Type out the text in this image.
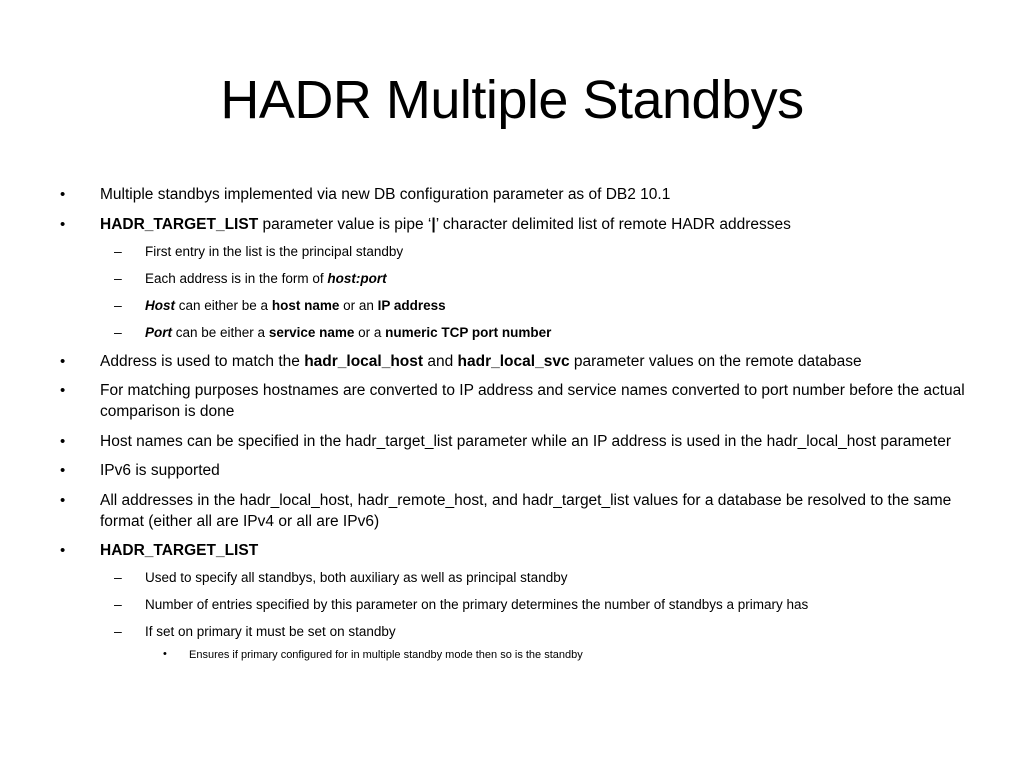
HADR Multiple Standbys
• Multiple standbys implemented via new DB configuration parameter as of DB2 10.1
• HADR_TARGET_LIST parameter value is pipe ‘|’ character delimited list of remote HADR addresses
– First entry in the list is the principal standby
– Each address is in the form of host:port
– Host can either be a host name or an IP address
– Port can be either a service name or a numeric TCP port number
• Address is used to match the hadr_local_host and hadr_local_svc parameter values on the remote database
• For matching purposes hostnames are converted to IP address and service names converted to port number before the actual comparison is done
• Host names can be specified in the hadr_target_list parameter while an IP address is used in the hadr_local_host parameter
• IPv6 is supported
• All addresses in the hadr_local_host, hadr_remote_host, and hadr_target_list values for a database be resolved to the same format (either all are IPv4 or all are IPv6)
• HADR_TARGET_LIST
– Used to specify all standbys, both auxiliary as well as principal standby
– Number of entries specified by this parameter on the primary determines the number of standbys a primary has
– If set on primary it must be set on standby
• Ensures if primary configured for in multiple standby mode then so is the standby
